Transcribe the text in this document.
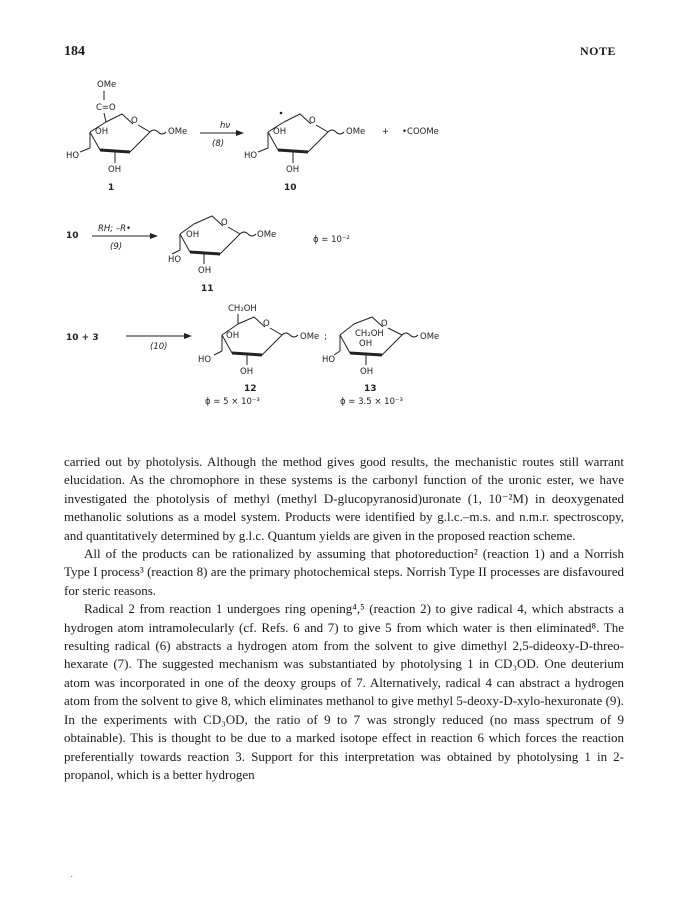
184	NOTE
OMe
C=O
O
OH	OMe
HO
OH
1
hν
(8)
O
OH	OMe
HO
OH
10
+ •COOMe
10
RH; –R•
(9)
O
OH	OMe
HO
OH
11
ϕ = 10⁻²
10 + 3
(10)
CH₂OH
O
OH	OMe ;
HO
OH
12
ϕ = 5 × 10⁻³
O
CH₂OH
OH
OMe
HO
OH
13
ϕ = 3.5 × 10⁻³

carried out by photolysis. Although the method gives good results, the mechanistic routes still warrant elucidation. As the chromophore in these systems is the carbonyl function of the uronic ester, we have investigated the photolysis of methyl (methyl D-glucopyranosid)uronate (1, 10⁻²M) in deoxygenated methanolic solutions as a model system. Products were identified by g.l.c.–m.s. and n.m.r. spectroscopy, and quantitatively determined by g.l.c. Quantum yields are given in the proposed reaction scheme.

All of the products can be rationalized by assuming that photoreduction² (reaction 1) and a Norrish Type I process³ (reaction 8) are the primary photochemical steps. Norrish Type II processes are disfavoured for steric reasons.

Radical 2 from reaction 1 undergoes ring opening⁴,⁵ (reaction 2) to give radical 4, which abstracts a hydrogen atom intramolecularly (cf. Refs. 6 and 7) to give 5 from which water is then eliminated⁸. The resulting radical (6) abstracts a hydrogen atom from the solvent to give dimethyl 2,5-dideoxy-D-threo-hexarate (7). The suggested mechanism was substantiated by photolysing 1 in CD₃OD. One deuterium atom was incorporated in one of the deoxy groups of 7. Alternatively, radical 4 can abstract a hydrogen atom from the solvent to give 8, which eliminates methanol to give methyl 5-deoxy-D-xylo-hexuronate (9). In the experiments with CD₃OD, the ratio of 9 to 7 was strongly reduced (no mass spectrum of 9 obtainable). This is thought to be due to a marked isotope effect in reaction 6 which forces the reaction preferentially towards reaction 3. Support for this interpretation was obtained by photolysing 1 in 2-propanol, which is a better hydrogen

·
